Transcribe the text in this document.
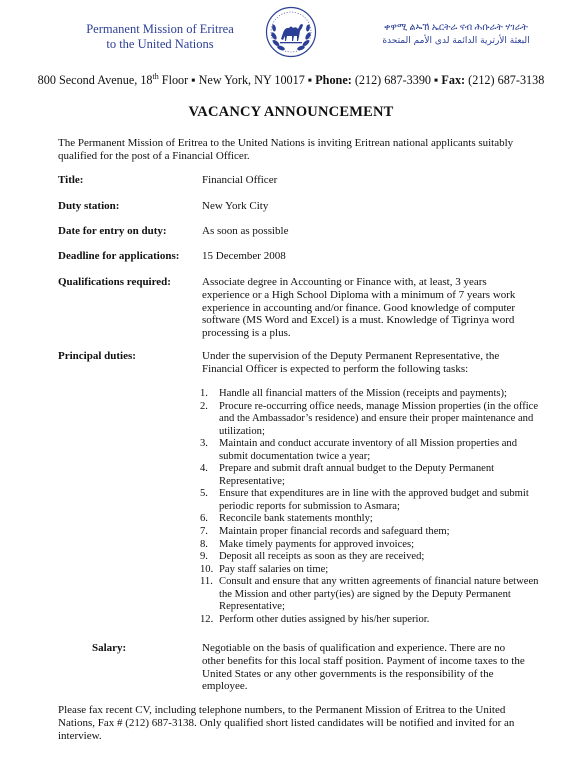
Permanent Mission of Eritrea
to the United Nations
ቀዋሚ ልኡኽ ኤርትራ ናብ ሕቡራት ሃገራት
البعثة الأرترية الدائمة لدى الأمم المتحدة
800 Second Avenue, 18th Floor ▪ New York, NY 10017 ▪ Phone: (212) 687-3390 ▪ Fax: (212) 687-3138
VACANCY ANNOUNCEMENT
The Permanent Mission of Eritrea to the United Nations is inviting Eritrean national applicants suitably qualified for the post of a Financial Officer.
Title:	Financial Officer
Duty station:	New York City
Date for entry on duty:	As soon as possible
Deadline for applications:	15 December 2008
Qualifications required:	Associate degree in Accounting or Finance with, at least, 3 years experience or a High School Diploma with a minimum of 7 years work experience in accounting and/or finance. Good knowledge of computer software (MS Word and Excel) is a must. Knowledge of Tigrinya word processing is a plus.
Principal duties:	Under the supervision of the Deputy Permanent Representative, the Financial Officer is expected to perform the following tasks:
1. Handle all financial matters of the Mission (receipts and payments);
2. Procure re-occurring office needs, manage Mission properties (in the office and the Ambassador’s residence) and ensure their proper maintenance and utilization;
3. Maintain and conduct accurate inventory of all Mission properties and submit documentation twice a year;
4. Prepare and submit draft annual budget to the Deputy Permanent Representative;
5. Ensure that expenditures are in line with the approved budget and submit periodic reports for submission to Asmara;
6. Reconcile bank statements monthly;
7. Maintain proper financial records and safeguard them;
8. Make timely payments for approved invoices;
9. Deposit all receipts as soon as they are received;
10. Pay staff salaries on time;
11. Consult and ensure that any written agreements of financial nature between the Mission and other party(ies) are signed by the Deputy Permanent Representative;
12. Perform other duties assigned by his/her superior.
Salary:	Negotiable on the basis of qualification and experience. There are no other benefits for this local staff position. Payment of income taxes to the United States or any other governments is the responsibility of the employee.
Please fax recent CV, including telephone numbers, to the Permanent Mission of Eritrea to the United Nations, Fax # (212) 687-3138. Only qualified short listed candidates will be notified and invited for an interview.
